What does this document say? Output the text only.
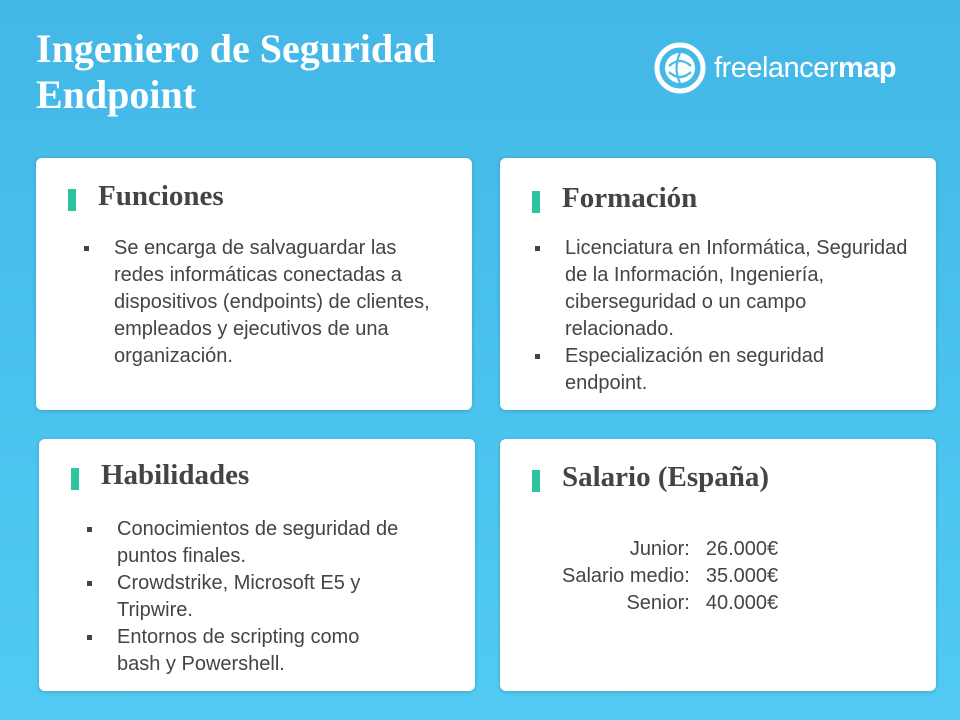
Ingeniero de Seguridad
Endpoint
freelancermap
Funciones
Se encarga de salvaguardar las redes informáticas conectadas a dispositivos (endpoints) de clientes, empleados y ejecutivos de una organización.
Formación
Licenciatura en Informática, Seguridad de la Información, Ingeniería, ciberseguridad o un campo relacionado.
Especialización en seguridad endpoint.
Habilidades
Conocimientos de seguridad de puntos finales.
Crowdstrike, Microsoft E5 y Tripwire.
Entornos de scripting como bash y Powershell.
Salario (España)
Junior:	26.000€
Salario medio:	35.000€
Senior:	40.000€
